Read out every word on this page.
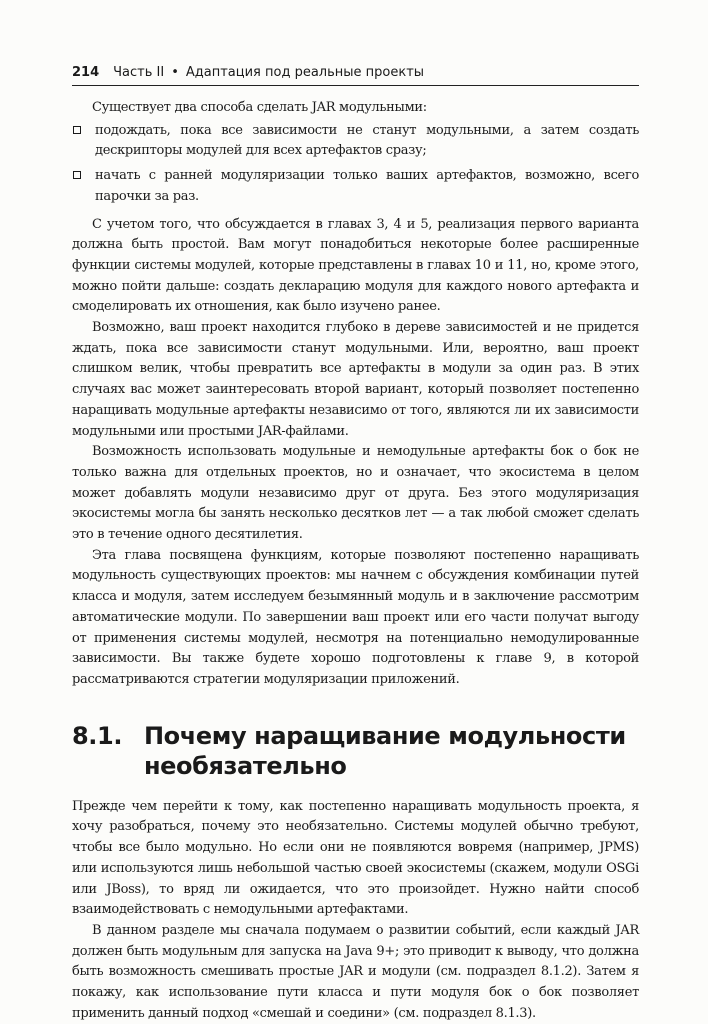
214 Часть II • Адаптация под реальные проекты

Существует два способа сделать JAR модульными:

подождать, пока все зависимости не станут модульными, а затем создать дескрипторы модулей для всех артефактов сразу;
начать с ранней модуляризации только ваших артефактов, возможно, всего парочки за раз.

С учетом того, что обсуждается в главах 3, 4 и 5, реализация первого варианта должна быть простой. Вам могут понадобиться некоторые более расширенные функции системы модулей, которые представлены в главах 10 и 11, но, кроме этого, можно пойти дальше: создать декларацию модуля для каждого нового артефакта и смоделировать их отношения, как было изучено ранее.

Возможно, ваш проект находится глубоко в дереве зависимостей и не придется ждать, пока все зависимости станут модульными. Или, вероятно, ваш проект слишком велик, чтобы превратить все артефакты в модули за один раз. В этих случаях вас может заинтересовать второй вариант, который позволяет постепенно наращивать модульные артефакты независимо от того, являются ли их зависимости модульными или простыми JAR-файлами.

Возможность использовать модульные и немодульные артефакты бок о бок не только важна для отдельных проектов, но и означает, что экосистема в целом может добавлять модули независимо друг от друга. Без этого модуляризация экосистемы могла бы занять несколько десятков лет — а так любой сможет сделать это в течение одного десятилетия.

Эта глава посвящена функциям, которые позволяют постепенно наращивать модульность существующих проектов: мы начнем с обсуждения комбинации путей класса и модуля, затем исследуем безымянный модуль и в заключение рассмотрим автоматические модули. По завершении ваш проект или его части получат выгоду от применения системы модулей, несмотря на потенциально немодулированные зависимости. Вы также будете хорошо подготовлены к главе 9, в которой рассматриваются стратегии модуляризации приложений.

8.1. Почему наращивание модульности необязательно

Прежде чем перейти к тому, как постепенно наращивать модульность проекта, я хочу разобраться, почему это необязательно. Системы модулей обычно требуют, чтобы все было модульно. Но если они не появляются вовремя (например, JPMS) или используются лишь небольшой частью своей экосистемы (скажем, модули OSGi или JBoss), то вряд ли ожидается, что это произойдет. Нужно найти способ взаимодействовать с немодульными артефактами.

В данном разделе мы сначала подумаем о развитии событий, если каждый JAR должен быть модульным для запуска на Java 9+; это приводит к выводу, что должна быть возможность смешивать простые JAR и модули (см. подраздел 8.1.2). Затем я покажу, как использование пути класса и пути модуля бок о бок позволяет применить данный подход «смешай и соедини» (см. подраздел 8.1.3).
